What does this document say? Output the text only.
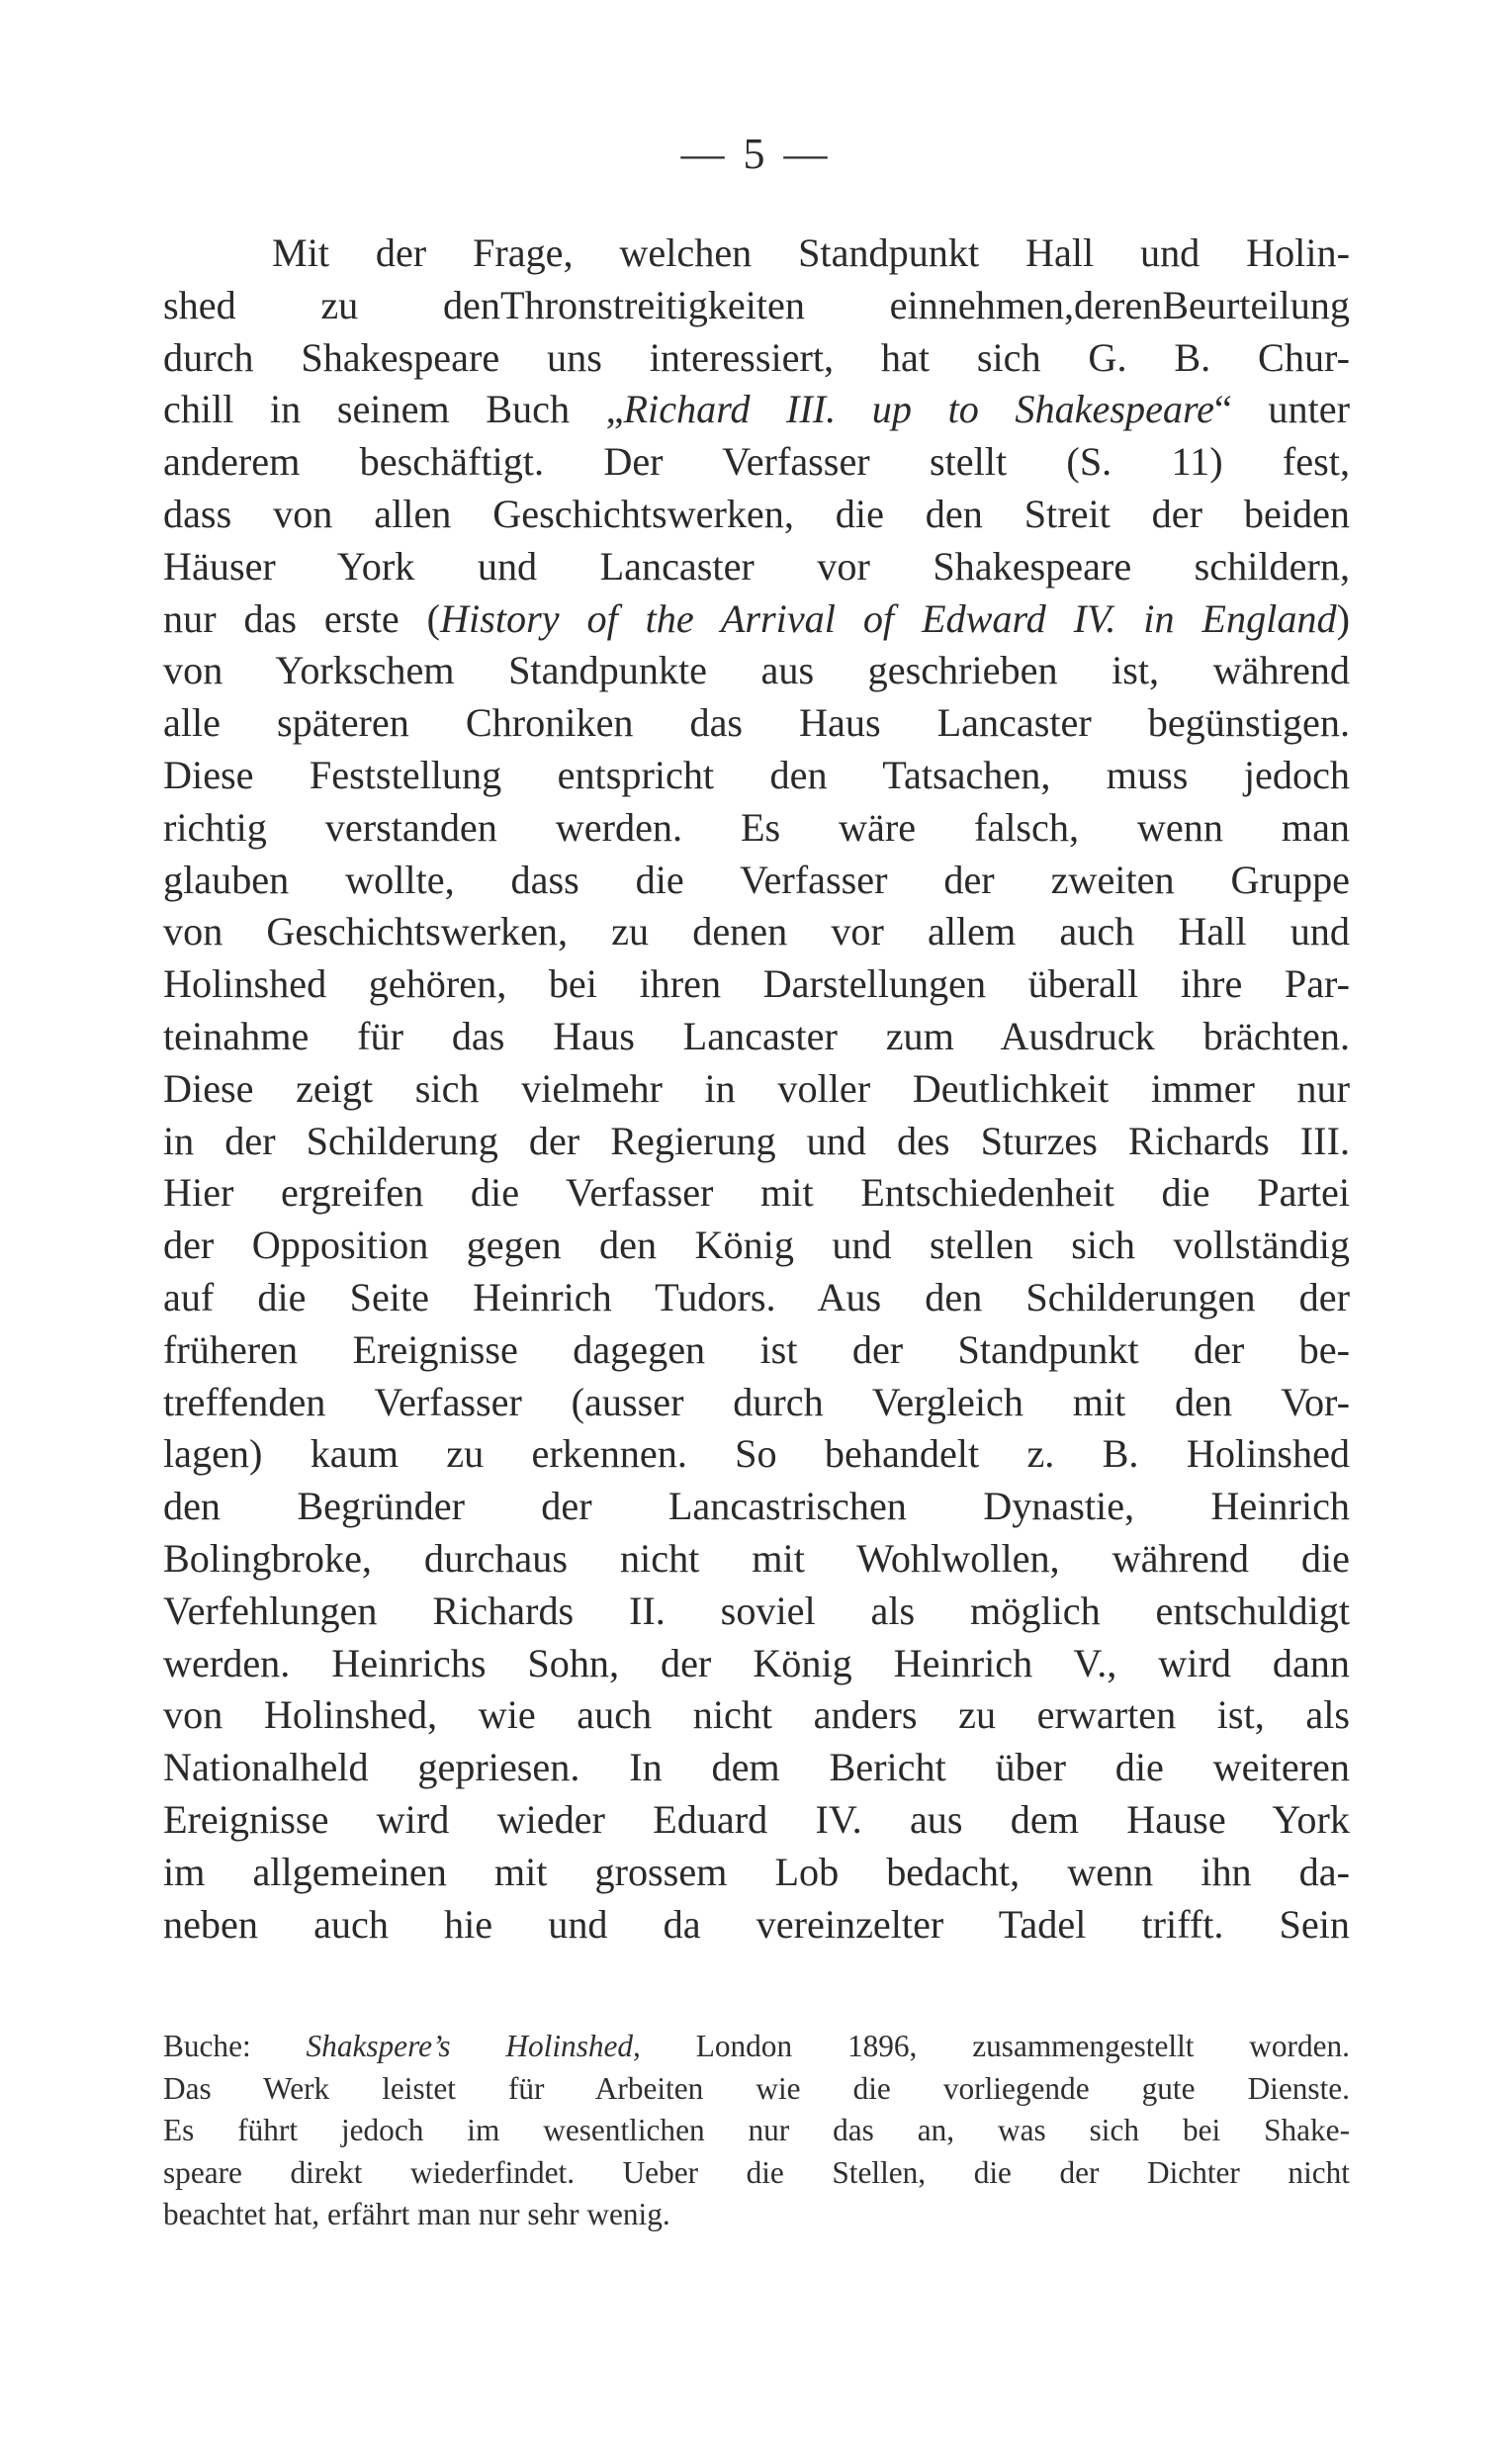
— 5 —
Mit der Frage, welchen Standpunkt Hall und Holin-
shed zu denThronstreitigkeiten einnehmen,derenBeurteilung
durch Shakespeare uns interessiert, hat sich G. B. Chur-
chill in seinem Buch „Richard III. up to Shakespeare“ unter
anderem beschäftigt. Der Verfasser stellt (S. 11) fest,
dass von allen Geschichtswerken, die den Streit der beiden
Häuser York und Lancaster vor Shakespeare schildern,
nur das erste (History of the Arrival of Edward IV. in England)
von Yorkschem Standpunkte aus geschrieben ist, während
alle späteren Chroniken das Haus Lancaster begünstigen.
Diese Feststellung entspricht den Tatsachen, muss jedoch
richtig verstanden werden. Es wäre falsch, wenn man
glauben wollte, dass die Verfasser der zweiten Gruppe
von Geschichtswerken, zu denen vor allem auch Hall und
Holinshed gehören, bei ihren Darstellungen überall ihre Par-
teinahme für das Haus Lancaster zum Ausdruck brächten.
Diese zeigt sich vielmehr in voller Deutlichkeit immer nur
in der Schilderung der Regierung und des Sturzes Richards III.
Hier ergreifen die Verfasser mit Entschiedenheit die Partei
der Opposition gegen den König und stellen sich vollständig
auf die Seite Heinrich Tudors. Aus den Schilderungen der
früheren Ereignisse dagegen ist der Standpunkt der be-
treffenden Verfasser (ausser durch Vergleich mit den Vor-
lagen) kaum zu erkennen. So behandelt z. B. Holinshed
den Begründer der Lancastrischen Dynastie, Heinrich
Bolingbroke, durchaus nicht mit Wohlwollen, während die
Verfehlungen Richards II. soviel als möglich entschuldigt
werden. Heinrichs Sohn, der König Heinrich V., wird dann
von Holinshed, wie auch nicht anders zu erwarten ist, als
Nationalheld gepriesen. In dem Bericht über die weiteren
Ereignisse wird wieder Eduard IV. aus dem Hause York
im allgemeinen mit grossem Lob bedacht, wenn ihn da-
neben auch hie und da vereinzelter Tadel trifft. Sein
Buche: Shakspere’s Holinshed, London 1896, zusammengestellt worden.
Das Werk leistet für Arbeiten wie die vorliegende gute Dienste.
Es führt jedoch im wesentlichen nur das an, was sich bei Shake-
speare direkt wiederfindet. Ueber die Stellen, die der Dichter nicht
beachtet hat, erfährt man nur sehr wenig.
